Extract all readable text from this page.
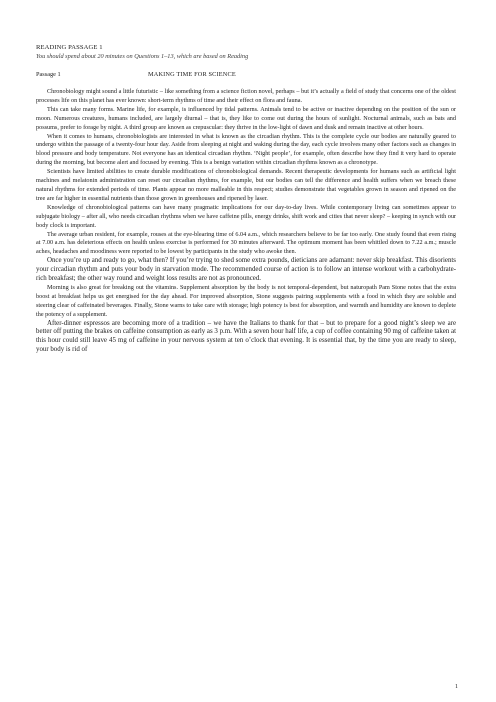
READING PASSAGE 1
You should spend about 20 minutes on Questions 1–13, which are based on Reading
Passage 1	MAKING TIME FOR SCIENCE

Chronobiology might sound a little futuristic – like something from a science fiction novel, perhaps – but it’s actually a field of study that concerns one of the oldest processes life on this planet has ever known: short-term rhythms of time and their effect on flora and fauna.

This can take many forms. Marine life, for example, is influenced by tidal patterns. Animals tend to be active or inactive depending on the position of the sun or moon. Numerous creatures, humans included, are largely diurnal – that is, they like to come out during the hours of sunlight. Nocturnal animals, such as bats and possums, prefer to forage by night. A third group are known as crepuscular: they thrive in the low-light of dawn and dusk and remain inactive at other hours.

When it comes to humans, chronobiologists are interested in what is known as the circadian rhythm. This is the complete cycle our bodies are naturally geared to undergo within the passage of a twenty-four hour day. Aside from sleeping at night and waking during the day, each cycle involves many other factors such as changes in blood pressure and body temperature. Not everyone has an identical circadian rhythm. ‘Night people’, for example, often describe how they find it very hard to operate during the morning, but become alert and focused by evening. This is a benign variation within circadian rhythms known as a chronotype.

Scientists have limited abilities to create durable modifications of chronobiological demands. Recent therapeutic developments for humans such as artificial light machines and melatonin administration can reset our circadian rhythms, for example, but our bodies can tell the difference and health suffers when we breach these natural rhythms for extended periods of time. Plants appear no more malleable in this respect; studies demonstrate that vegetables grown in season and ripened on the tree are far higher in essential nutrients than those grown in greenhouses and ripened by laser.

Knowledge of chronobiological patterns can have many pragmatic implications for our day-to-day lives. While contemporary living can sometimes appear to subjugate biology – after all, who needs circadian rhythms when we have caffeine pills, energy drinks, shift work and cities that never sleep? – keeping in synch with our body clock is important.

The average urban resident, for example, rouses at the eye-blearing time of 6.04 a.m., which researchers believe to be far too early. One study found that even rising at 7.00 a.m. has deleterious effects on health unless exercise is performed for 30 minutes afterward. The optimum moment has been whittled down to 7.22 a.m.; muscle aches, headaches and moodiness were reported to be lowest by participants in the study who awoke then.

Once you’re up and ready to go, what then? If you’re trying to shed some extra pounds, dieticians are adamant: never skip breakfast. This disorients your circadian rhythm and puts your body in starvation mode. The recommended course of action is to follow an intense workout with a carbohydrate-rich breakfast; the other way round and weight loss results are not as pronounced.

Morning is also great for breaking out the vitamins. Supplement absorption by the body is not temporal-dependent, but naturopath Pam Stone notes that the extra boost at breakfast helps us get energised for the day ahead. For improved absorption, Stone suggests pairing supplements with a food in which they are soluble and steering clear of caffeinated beverages. Finally, Stone warns to take care with storage; high potency is best for absorption, and warmth and humidity are known to deplete the potency of a supplement.

After-dinner espressos are becoming more of a tradition – we have the Italians to thank for that – but to prepare for a good night’s sleep we are better off putting the brakes on caffeine consumption as early as 3 p.m. With a seven hour half life, a cup of coffee containing 90 mg of caffeine taken at this hour could still leave 45 mg of caffeine in your nervous system at ten o’clock that evening. It is essential that, by the time you are ready to sleep, your body is rid of

1
